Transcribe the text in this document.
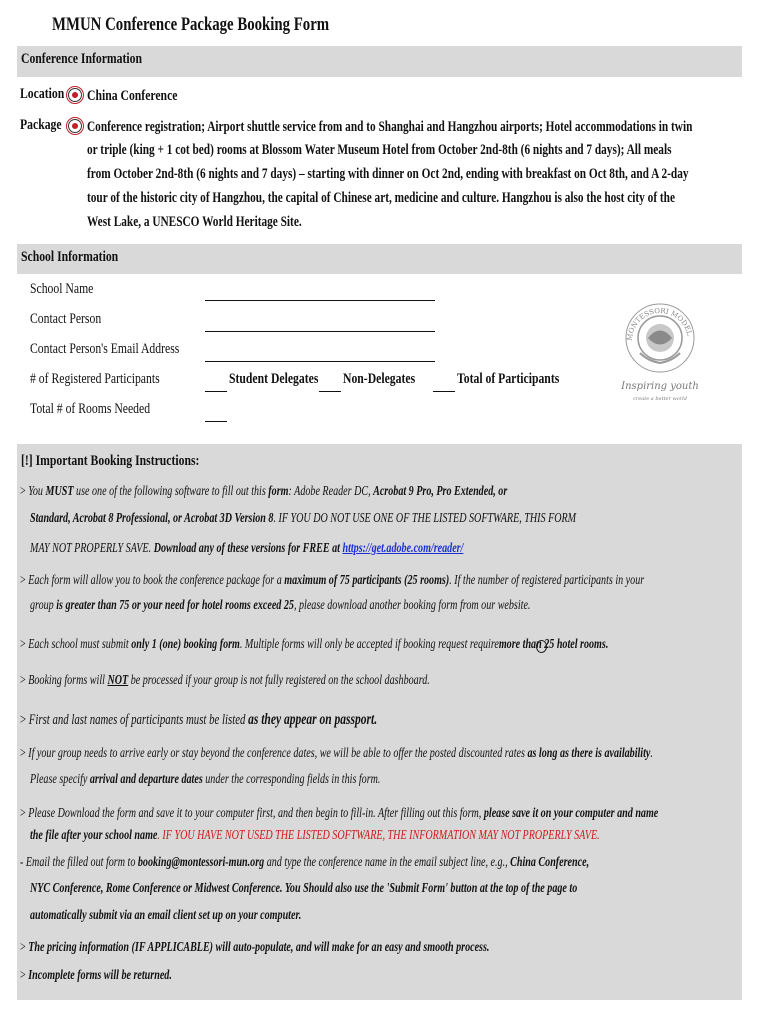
MMUN Conference Package Booking Form
Conference Information
Location China Conference
Package Conference registration; Airport shuttle service from and to Shanghai and Hangzhou airports; Hotel accommodations in twin
or triple (king + 1 cot bed) rooms at Blossom Water Museum Hotel from October 2nd-8th (6 nights and 7 days); All meals
from October 2nd-8th (6 nights and 7 days) – starting with dinner on Oct 2nd, ending with breakfast on Oct 8th, and A 2-day
tour of the historic city of Hangzhou, the capital of Chinese art, medicine and culture. Hangzhou is also the host city of the
West Lake, a UNESCO World Heritage Site.
School Information
School Name
Contact Person
Contact Person's Email Address
# of Registered Participants	Student Delegates Non-Delegates	Total of Participants
Total # of Rooms Needed
MONTESSORI MODEL
Inspiring youth
create a better world
[!] Important Booking Instructions:
> You MUST use one of the following software to fill out this form: Adobe Reader DC, Acrobat 9 Pro, Pro Extended, or
Standard, Acrobat 8 Professional, or Acrobat 3D Version 8. IF YOU DO NOT USE ONE OF THE LISTED SOFTWARE, THIS FORM
MAY NOT PROPERLY SAVE. Download any of these versions for FREE at https://get.adobe.com/reader/
> Each form will allow you to book the conference package for a maximum of 75 participants (25 rooms). If the number of registered participants in your
group is greater than 75 or your need for hotel rooms exceed 25, please download another booking form from our website.
> Each school must submit only 1 (one) booking form. Multiple forms will only be accepted if booking request requiremore than 25 hotel rooms.
> Booking forms will NOT be processed if your group is not fully registered on the school dashboard.
> First and last names of participants must be listed as they appear on passport.
> If your group needs to arrive early or stay beyond the conference dates, we will be able to offer the posted discounted rates as long as there is availability.
Please specify arrival and departure dates under the corresponding fields in this form.
> Please Download the form and save it to your computer first, and then begin to fill-in. After filling out this form, please save it on your computer and name
the file after your school name. IF YOU HAVE NOT USED THE LISTED SOFTWARE, THE INFORMATION MAY NOT PROPERLY SAVE.
- Email the filled out form to booking@montessori-mun.org and type the conference name in the email subject line, e.g., China Conference,
NYC Conference, Rome Conference or Midwest Conference. You Should also use the 'Submit Form' button at the top of the page to
automatically submit via an email client set up on your computer.
> The pricing information (IF APPLICABLE) will auto-populate, and will make for an easy and smooth process.
> Incomplete forms will be returned.
